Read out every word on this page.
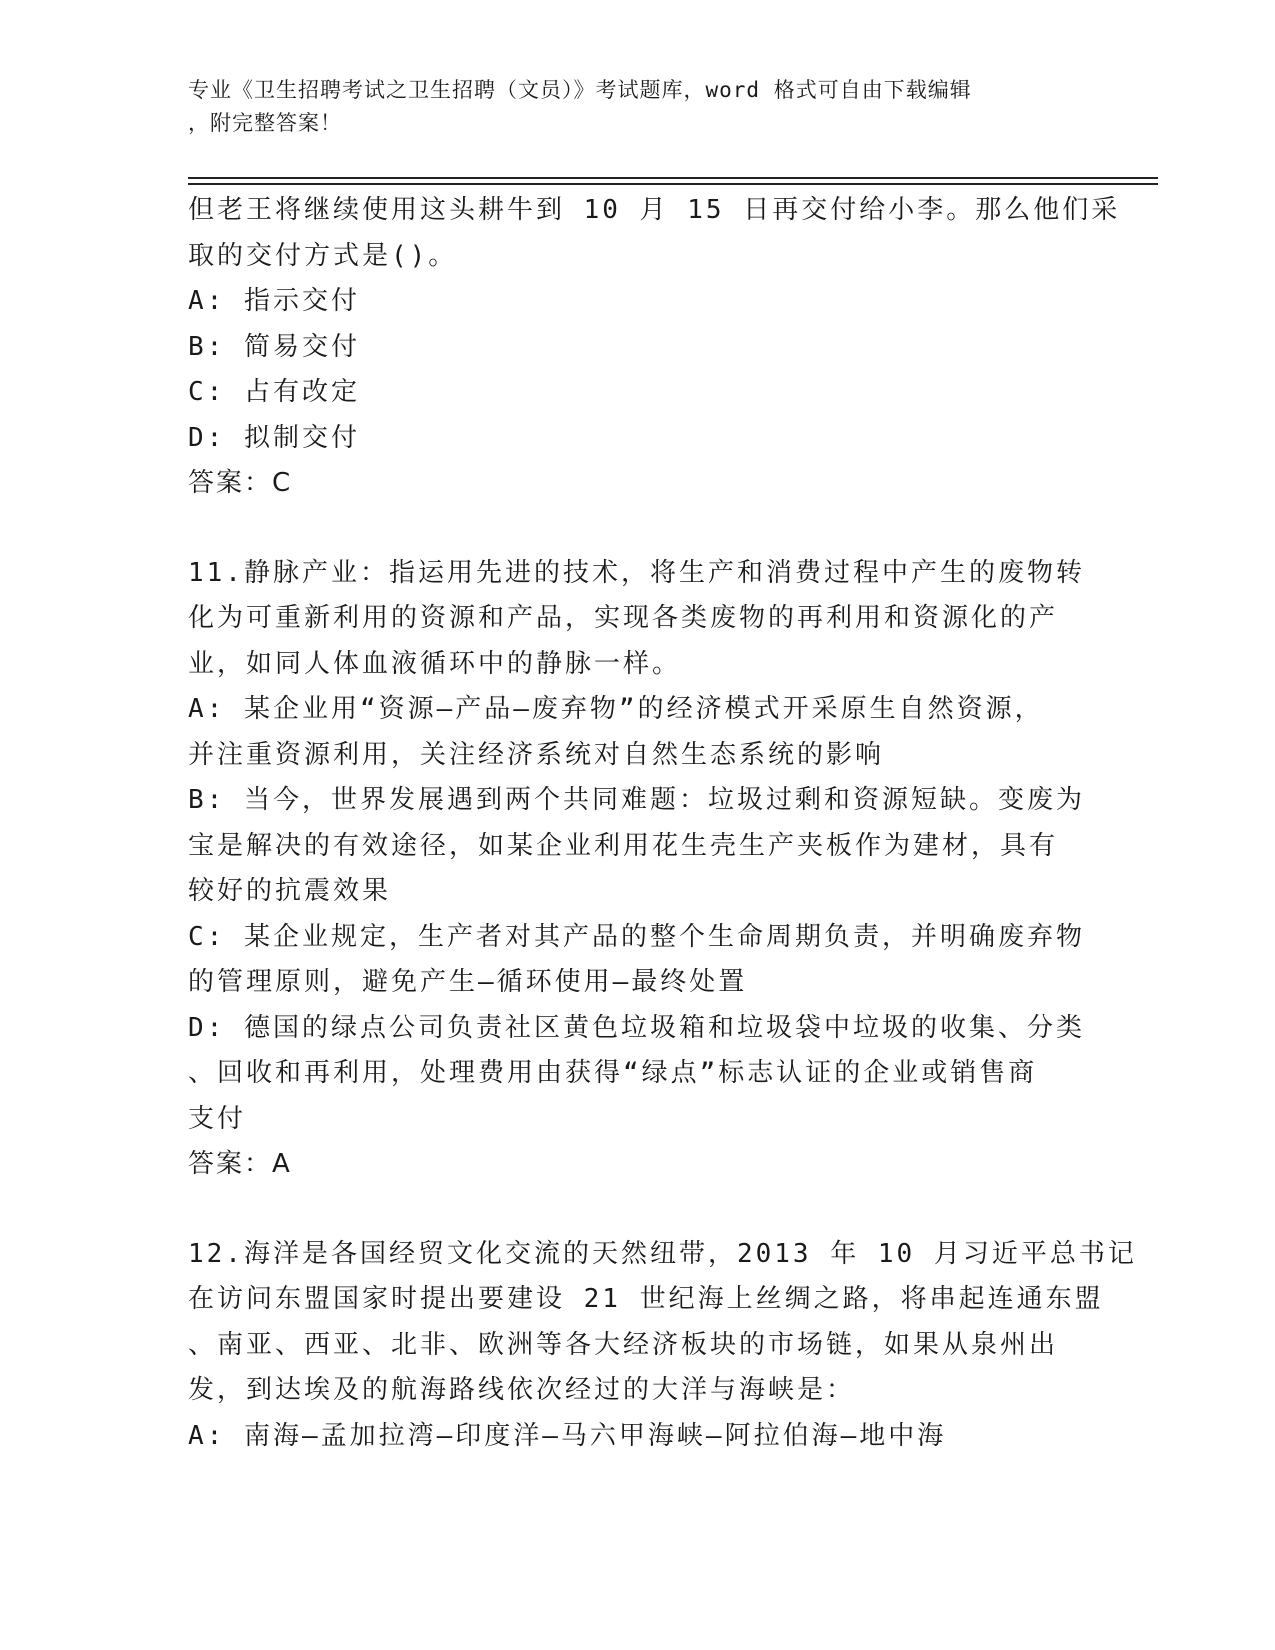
专业《卫生招聘考试之卫生招聘（文员）》考试题库，word 格式可自由下载编辑
，附完整答案！
但老王将继续使用这头耕牛到 10 月 15 日再交付给小李。那么他们采
取的交付方式是()。
A: 指示交付
B: 简易交付
C: 占有改定
D: 拟制交付
答案：C
11.静脉产业：指运用先进的技术，将生产和消费过程中产生的废物转
化为可重新利用的资源和产品，实现各类废物的再利用和资源化的产
业，如同人体血液循环中的静脉一样。
A: 某企业用“资源—产品—废弃物”的经济模式开采原生自然资源，
并注重资源利用，关注经济系统对自然生态系统的影响
B: 当今，世界发展遇到两个共同难题：垃圾过剩和资源短缺。变废为
宝是解决的有效途径，如某企业利用花生壳生产夹板作为建材，具有
较好的抗震效果
C: 某企业规定，生产者对其产品的整个生命周期负责，并明确废弃物
的管理原则，避免产生—循环使用—最终处置
D: 德国的绿点公司负责社区黄色垃圾箱和垃圾袋中垃圾的收集、分类
、回收和再利用，处理费用由获得“绿点”标志认证的企业或销售商
支付
答案：A
12.海洋是各国经贸文化交流的天然纽带，2013 年 10 月习近平总书记
在访问东盟国家时提出要建设 21 世纪海上丝绸之路，将串起连通东盟
、南亚、西亚、北非、欧洲等各大经济板块的市场链，如果从泉州出
发，到达埃及的航海路线依次经过的大洋与海峡是：
A: 南海—孟加拉湾—印度洋—马六甲海峡—阿拉伯海—地中海
